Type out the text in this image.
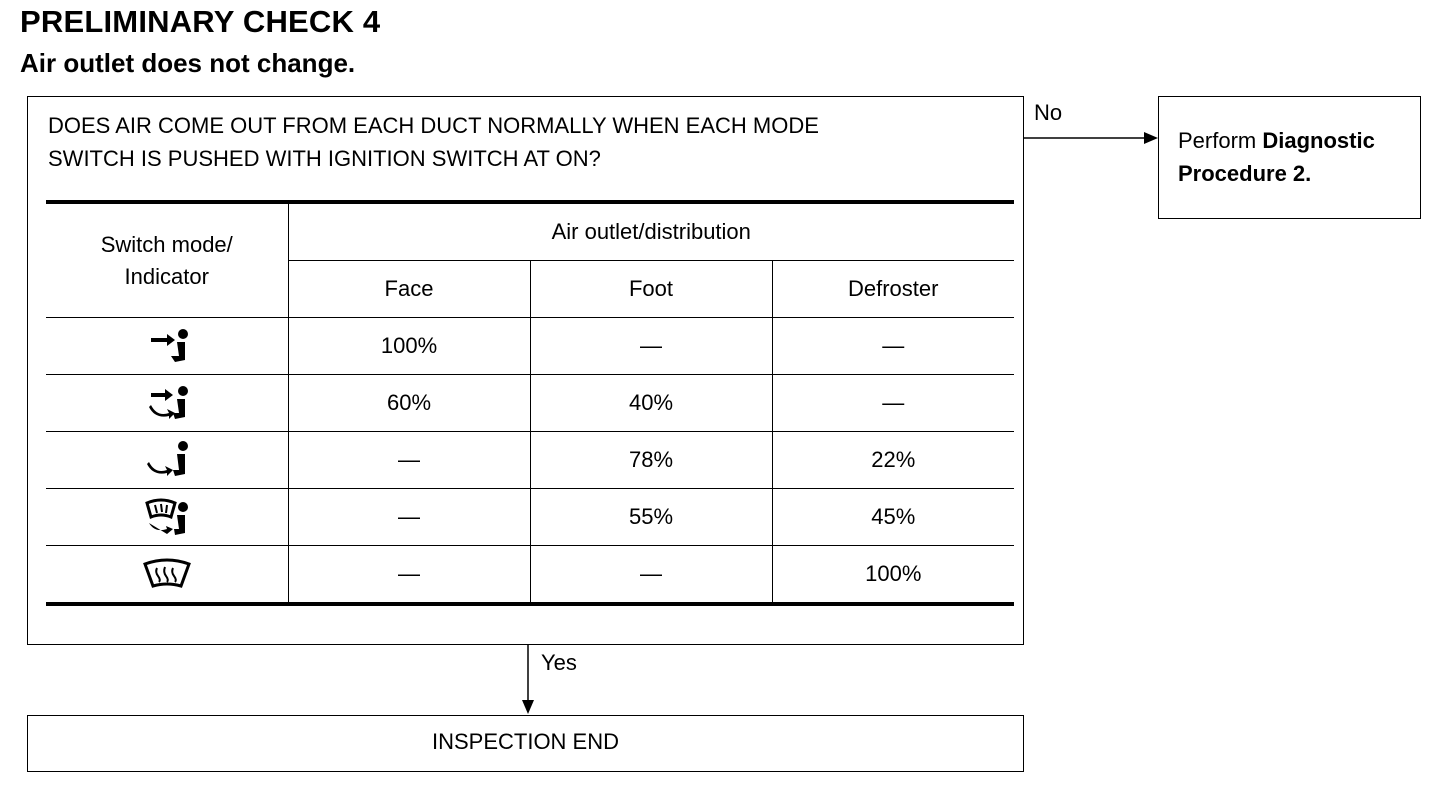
PRELIMINARY CHECK 4
Air outlet does not change.
DOES AIR COME OUT FROM EACH DUCT NORMALLY WHEN EACH MODE
SWITCH IS PUSHED WITH IGNITION SWITCH AT ON?
Switch mode/
Indicator	Air outlet/distribution		
	Face	Foot	Defroster

	100%	—	—

	60%	40%	—

	—	78%	22%

	—	55%	45%

	—	—	100%
No
Yes
Perform Diagnostic
Procedure 2.
INSPECTION END
